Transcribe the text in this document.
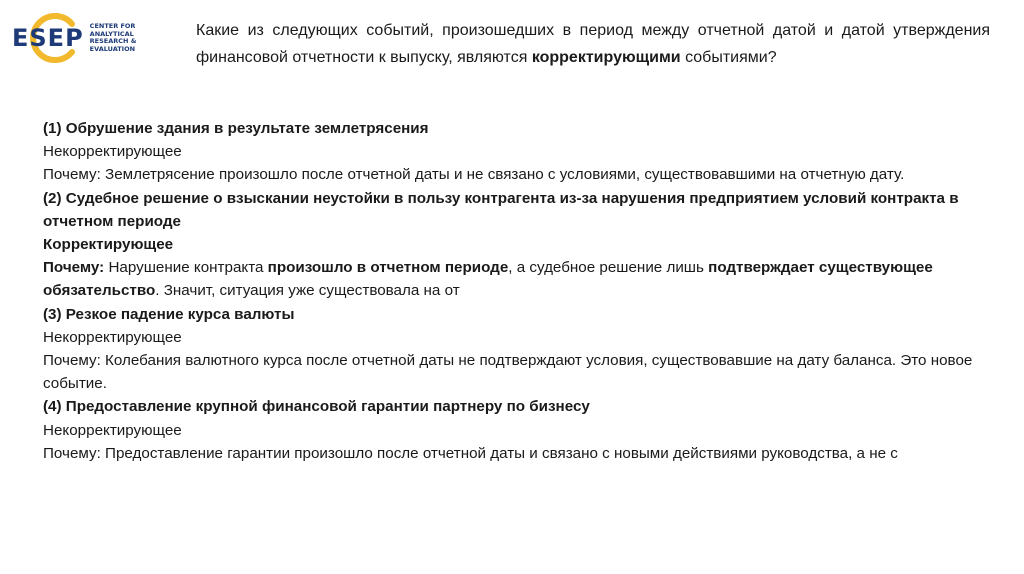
ESEP CENTER FOR
ANALYTICAL
RESEARCH &
EVALUATION
Какие из следующих событий, произошедших в период между отчетной датой и датой утверждения финансовой отчетности к выпуску, являются корректирующими событиями?

(1) Обрушение здания в результате землетрясения

Некорректирующее

Почему: Землетрясение произошло после отчетной даты и не связано с условиями, существовавшими на отчетную дату.

(2) Судебное решение о взыскании неустойки в пользу контрагента из-за нарушения предприятием условий контракта в отчетном периоде

Корректирующее

Почему: Нарушение контракта произошло в отчетном периоде, а судебное решение лишь подтверждает существующее обязательство. Значит, ситуация уже существовала на от

(3) Резкое падение курса валюты

Некорректирующее

Почему: Колебания валютного курса после отчетной даты не подтверждают условия, существовавшие на дату баланса. Это новое событие.

(4) Предоставление крупной финансовой гарантии партнеру по бизнесу

Некорректирующее

Почему: Предоставление гарантии произошло после отчетной даты и связано с новыми действиями руководства, а не с
